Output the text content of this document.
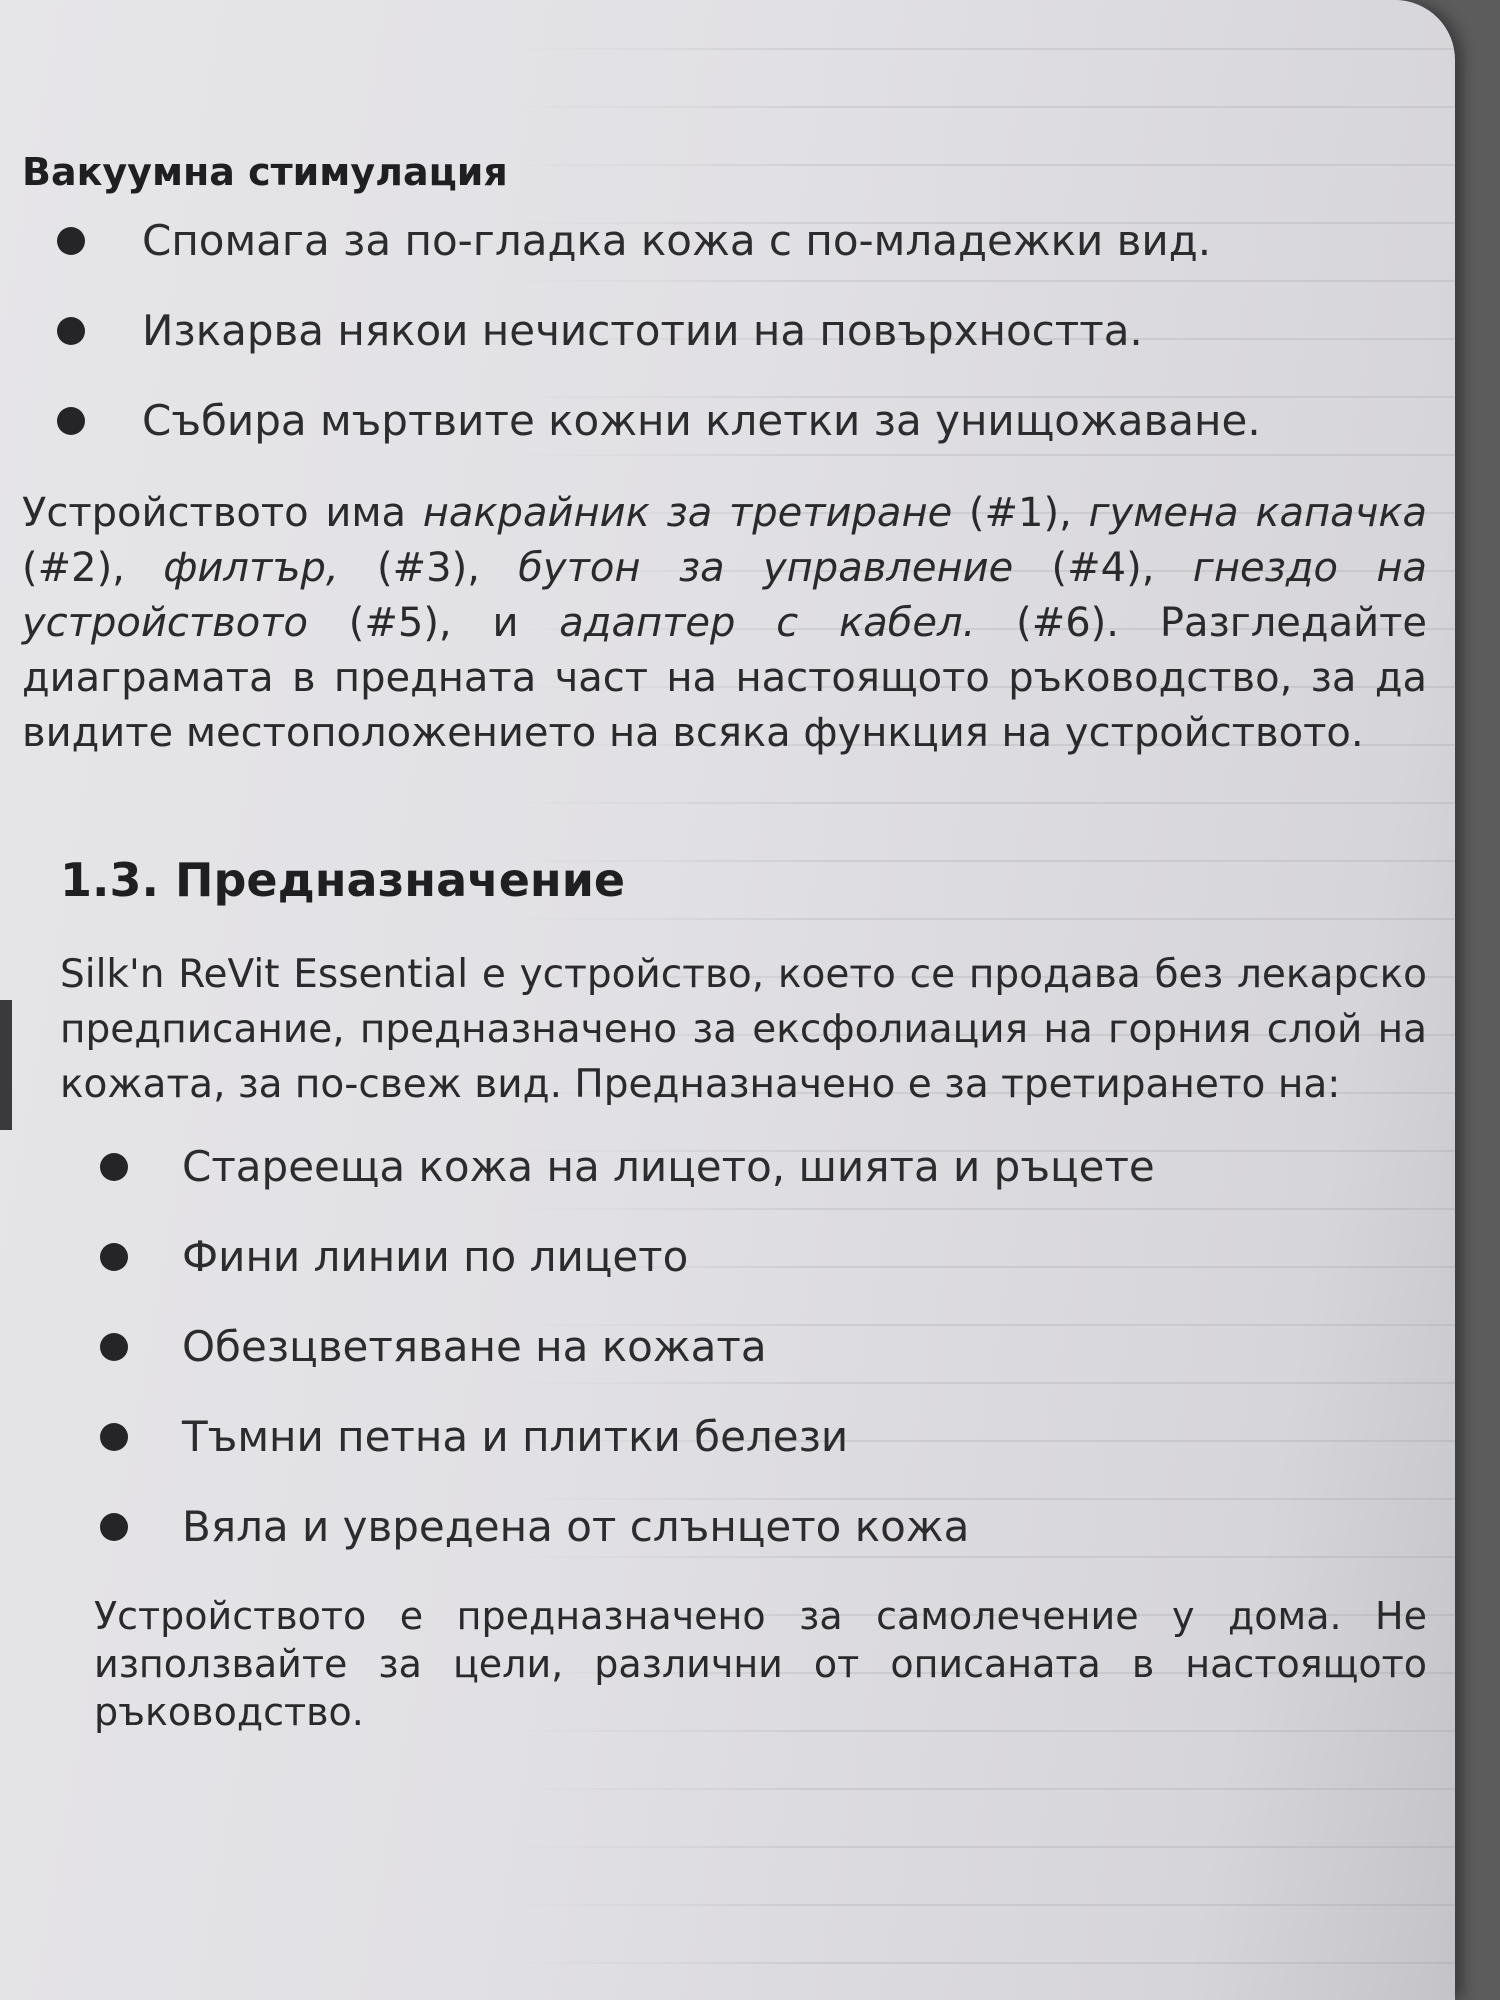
Вакуумна стимулация
Спомага за по-гладка кожа с по-младежки вид.
Изкарва някои нечистотии на повърхността.
Събира мъртвите кожни клетки за унищожаване.

Устройството има накрайник за третиране (#1), гумена капачка (#2), филтър, (#3), бутон за управление (#4), гнездо на устройството (#5), и адаптер с кабел. (#6). Разгледайте диаграмата в предната част на настоящото ръководство, за да видите местоположението на всяка функция на устройството.

1.3. Предназначение

Silk'n ReVit Essential е устройство, което се продава без лекарско предписание, предназначено за ексфолиация на горния слой на кожата, за по-свеж вид. Предназначено е за третирането на:

Стареещa кожа на лицето, шията и ръцете
Фини линии по лицето
Обезцветяване на кожата
Тъмни петна и плитки белези
Вяла и увредена от слънцето кожа

Устройството е предназначено за самолечение у дома. Не използвайте за цели, различни от описаната в настоящото ръководство.
